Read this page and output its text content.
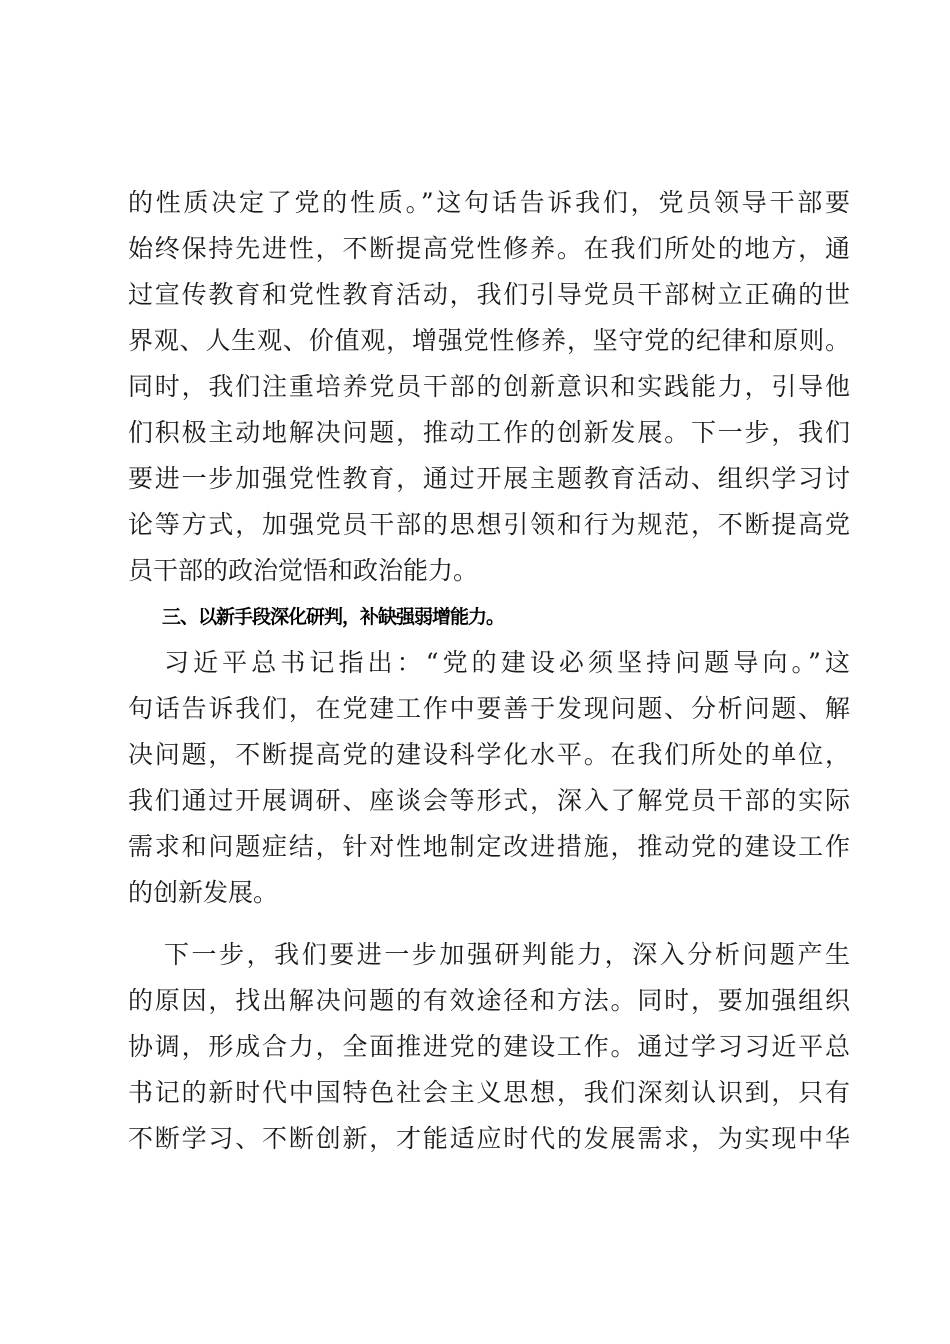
的性质决定了党的性质。”这句话告诉我们，党员领导干部要
始终保持先进性，不断提高党性修养。在我们所处的地方，通
过宣传教育和党性教育活动，我们引导党员干部树立正确的世
界观、人生观、价值观，增强党性修养，坚守党的纪律和原则。
同时，我们注重培养党员干部的创新意识和实践能力，引导他
们积极主动地解决问题，推动工作的创新发展。下一步，我们
要进一步加强党性教育，通过开展主题教育活动、组织学习讨
论等方式，加强党员干部的思想引领和行为规范，不断提高党
员干部的政治觉悟和政治能力。
三、以新手段深化研判，补缺强弱增能力。
习近平总书记指出：“党的建设必须坚持问题导向。”这
句话告诉我们，在党建工作中要善于发现问题、分析问题、解
决问题，不断提高党的建设科学化水平。在我们所处的单位，
我们通过开展调研、座谈会等形式，深入了解党员干部的实际
需求和问题症结，针对性地制定改进措施，推动党的建设工作
的创新发展。
下一步，我们要进一步加强研判能力，深入分析问题产生
的原因，找出解决问题的有效途径和方法。同时，要加强组织
协调，形成合力，全面推进党的建设工作。通过学习习近平总
书记的新时代中国特色社会主义思想，我们深刻认识到，只有
不断学习、不断创新，才能适应时代的发展需求，为实现中华
